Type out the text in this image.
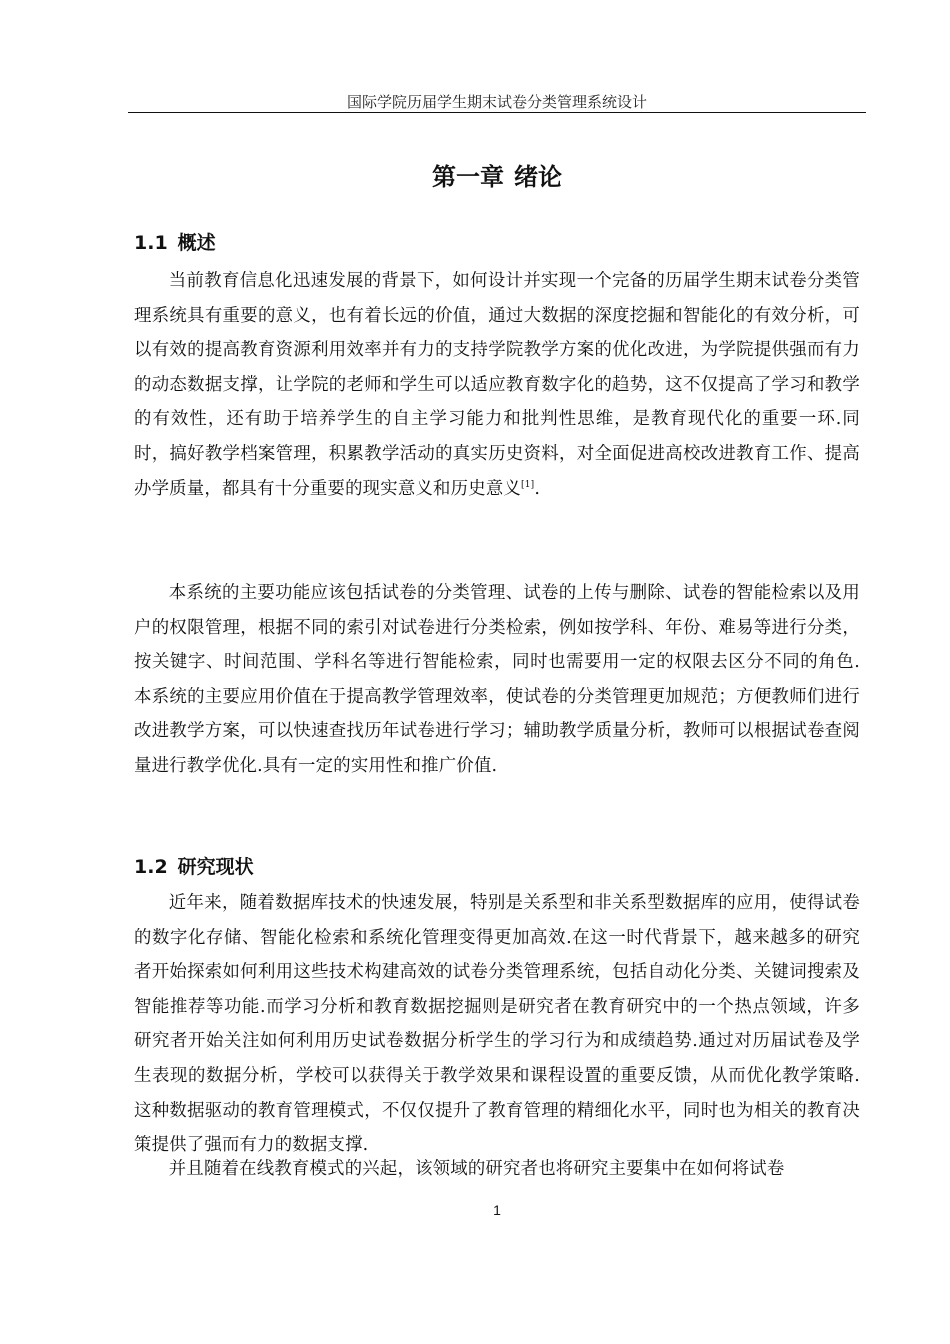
国际学院历届学生期末试卷分类管理系统设计
第一章 绪论
1.1 概述

当前教育信息化迅速发展的背景下，如何设计并实现一个完备的历届学生期末试卷分类管理系统具有重要的意义，也有着长远的价值，通过大数据的深度挖掘和智能化的有效分析，可以有效的提高教育资源利用效率并有力的支持学院教学方案的优化改进，为学院提供强而有力的动态数据支撑，让学院的老师和学生可以适应教育数字化的趋势，这不仅提高了学习和教学的有效性，还有助于培养学生的自主学习能力和批判性思维，是教育现代化的重要一环.同时，搞好教学档案管理，积累教学活动的真实历史资料，对全面促进高校改进教育工作、提高办学质量，都具有十分重要的现实意义和历史意义[1].

本系统的主要功能应该包括试卷的分类管理、试卷的上传与删除、试卷的智能检索以及用户的权限管理，根据不同的索引对试卷进行分类检索，例如按学科、年份、难易等进行分类，按关键字、时间范围、学科名等进行智能检索，同时也需要用一定的权限去区分不同的角色.本系统的主要应用价值在于提高教学管理效率，使试卷的分类管理更加规范；方便教师们进行改进教学方案，可以快速查找历年试卷进行学习；辅助教学质量分析，教师可以根据试卷查阅量进行教学优化.具有一定的实用性和推广价值.

1.2 研究现状

近年来，随着数据库技术的快速发展，特别是关系型和非关系型数据库的应用，使得试卷的数字化存储、智能化检索和系统化管理变得更加高效.在这一时代背景下，越来越多的研究者开始探索如何利用这些技术构建高效的试卷分类管理系统，包括自动化分类、关键词搜索及智能推荐等功能.而学习分析和教育数据挖掘则是研究者在教育研究中的一个热点领域，许多研究者开始关注如何利用历史试卷数据分析学生的学习行为和成绩趋势.通过对历届试卷及学生表现的数据分析，学校可以获得关于教学效果和课程设置的重要反馈，从而优化教学策略.这种数据驱动的教育管理模式，不仅仅提升了教育管理的精细化水平，同时也为相关的教育决策提供了强而有力的数据支撑.

并且随着在线教育模式的兴起，该领域的研究者也将研究主要集中在如何将试卷

1
